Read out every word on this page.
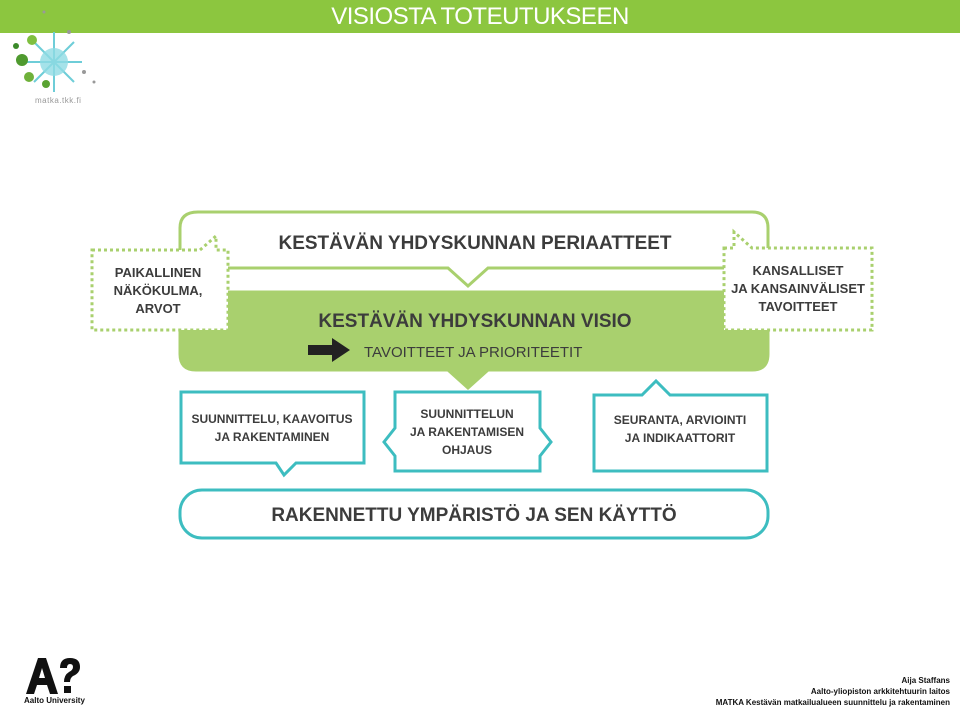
VISIOSTA TOTEUTUKSEEN
matka.tkk.fi
KESTÄVÄN YHDYSKUNNAN PERIAATTEET
KESTÄVÄN YHDYSKUNNAN VISIO
TAVOITTEET JA PRIORITEETIT
PAIKALLINEN
NÄKÖKULMA,
ARVOT
KANSALLISET
JA KANSAINVÄLISET
TAVOITTEET
SUUNNITTELU, KAAVOITUS
JA RAKENTAMINEN
SUUNNITTELUN
JA RAKENTAMISEN
OHJAUS
SEURANTA, ARVIOINTI
JA INDIKAATTORIT
RAKENNETTU YMPÄRISTÖ JA SEN KÄYTTÖ
Aalto University
Aija Staffans
Aalto-yliopiston arkkitehtuurin laitos
MATKA Kestävän matkailualueen suunnittelu ja rakentaminen
